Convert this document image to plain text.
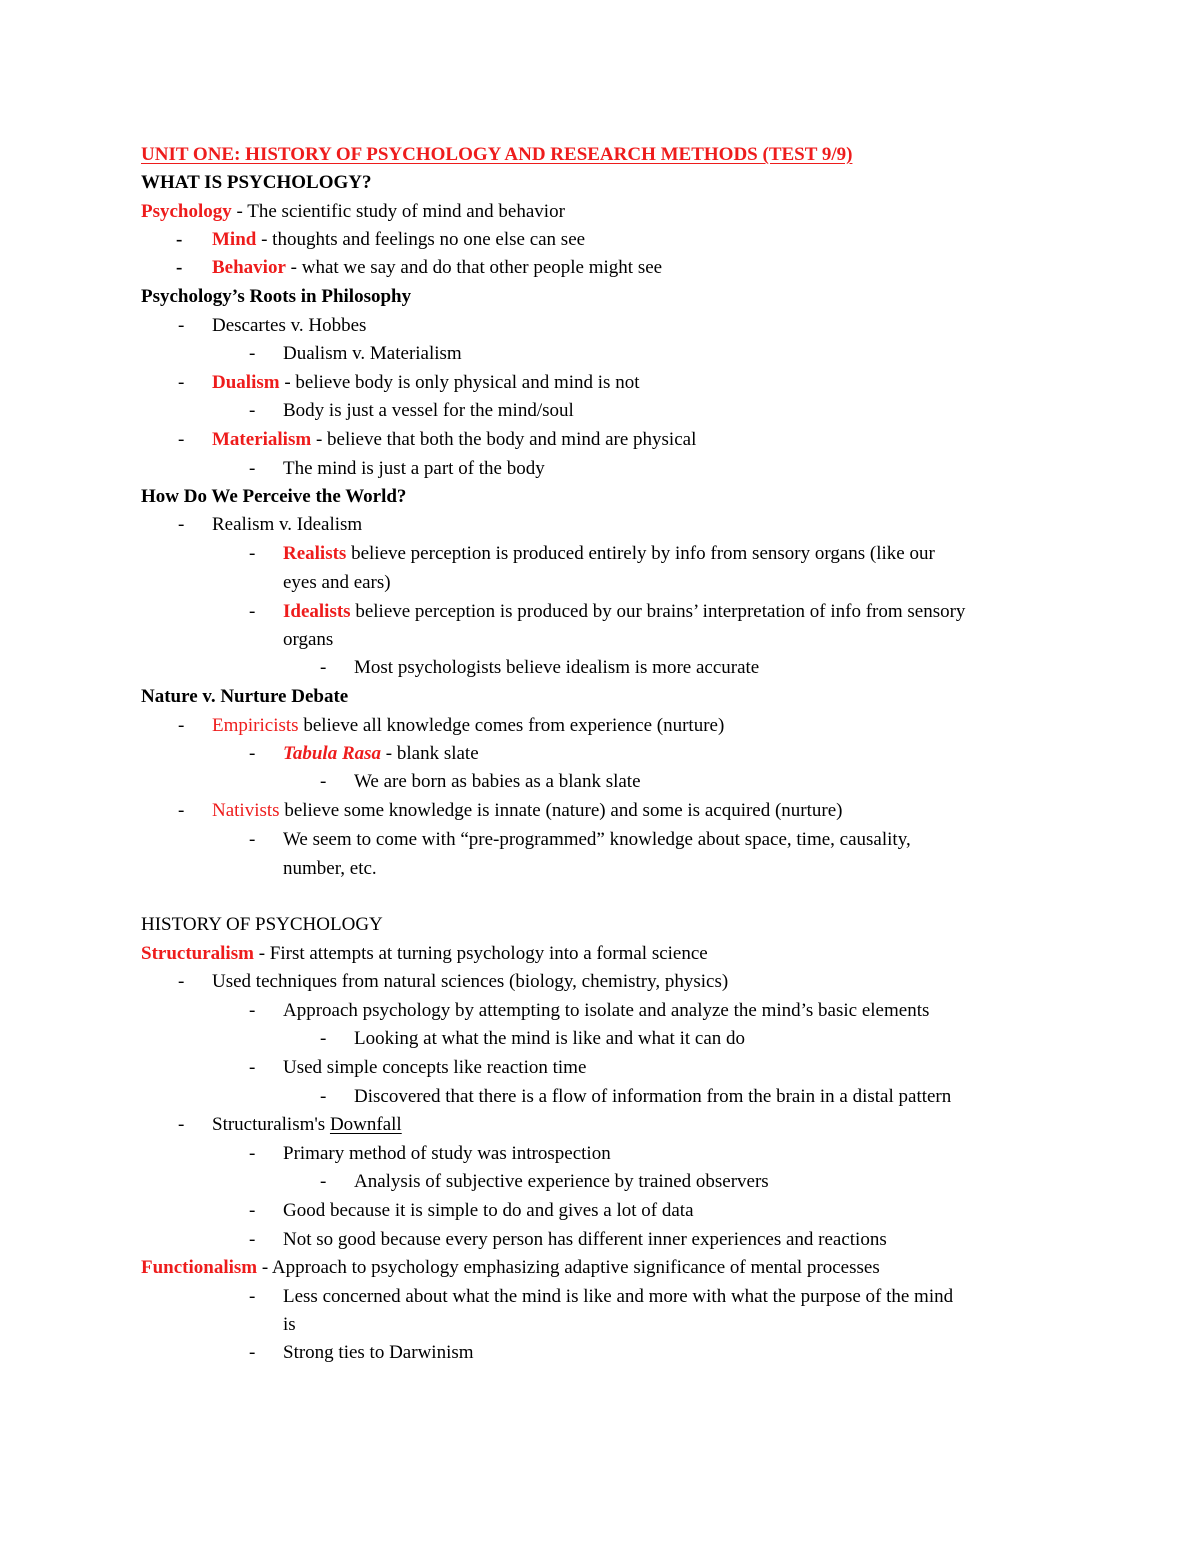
UNIT ONE: HISTORY OF PSYCHOLOGY AND RESEARCH METHODS (TEST 9/9)
WHAT IS PSYCHOLOGY?
Psychology - The scientific study of mind and behavior
- Mind - thoughts and feelings no one else can see
- Behavior - what we say and do that other people might see
Psychology’s Roots in Philosophy
- Descartes v. Hobbes
- Dualism v. Materialism
- Dualism - believe body is only physical and mind is not
- Body is just a vessel for the mind/soul
- Materialism - believe that both the body and mind are physical
- The mind is just a part of the body
How Do We Perceive the World?
- Realism v. Idealism
- Realists believe perception is produced entirely by info from sensory organs (like our
eyes and ears)
- Idealists believe perception is produced by our brains’ interpretation of info from sensory
organs
- Most psychologists believe idealism is more accurate
Nature v. Nurture Debate
- Empiricists believe all knowledge comes from experience (nurture)
- Tabula Rasa - blank slate
- We are born as babies as a blank slate
- Nativists believe some knowledge is innate (nature) and some is acquired (nurture)
- We seem to come with “pre-programmed” knowledge about space, time, causality,
number, etc.
HISTORY OF PSYCHOLOGY
Structuralism - First attempts at turning psychology into a formal science
- Used techniques from natural sciences (biology, chemistry, physics)
- Approach psychology by attempting to isolate and analyze the mind’s basic elements
- Looking at what the mind is like and what it can do
- Used simple concepts like reaction time
- Discovered that there is a flow of information from the brain in a distal pattern
- Structuralism's Downfall
- Primary method of study was introspection
- Analysis of subjective experience by trained observers
- Good because it is simple to do and gives a lot of data
- Not so good because every person has different inner experiences and reactions
Functionalism - Approach to psychology emphasizing adaptive significance of mental processes
- Less concerned about what the mind is like and more with what the purpose of the mind
is
- Strong ties to Darwinism
